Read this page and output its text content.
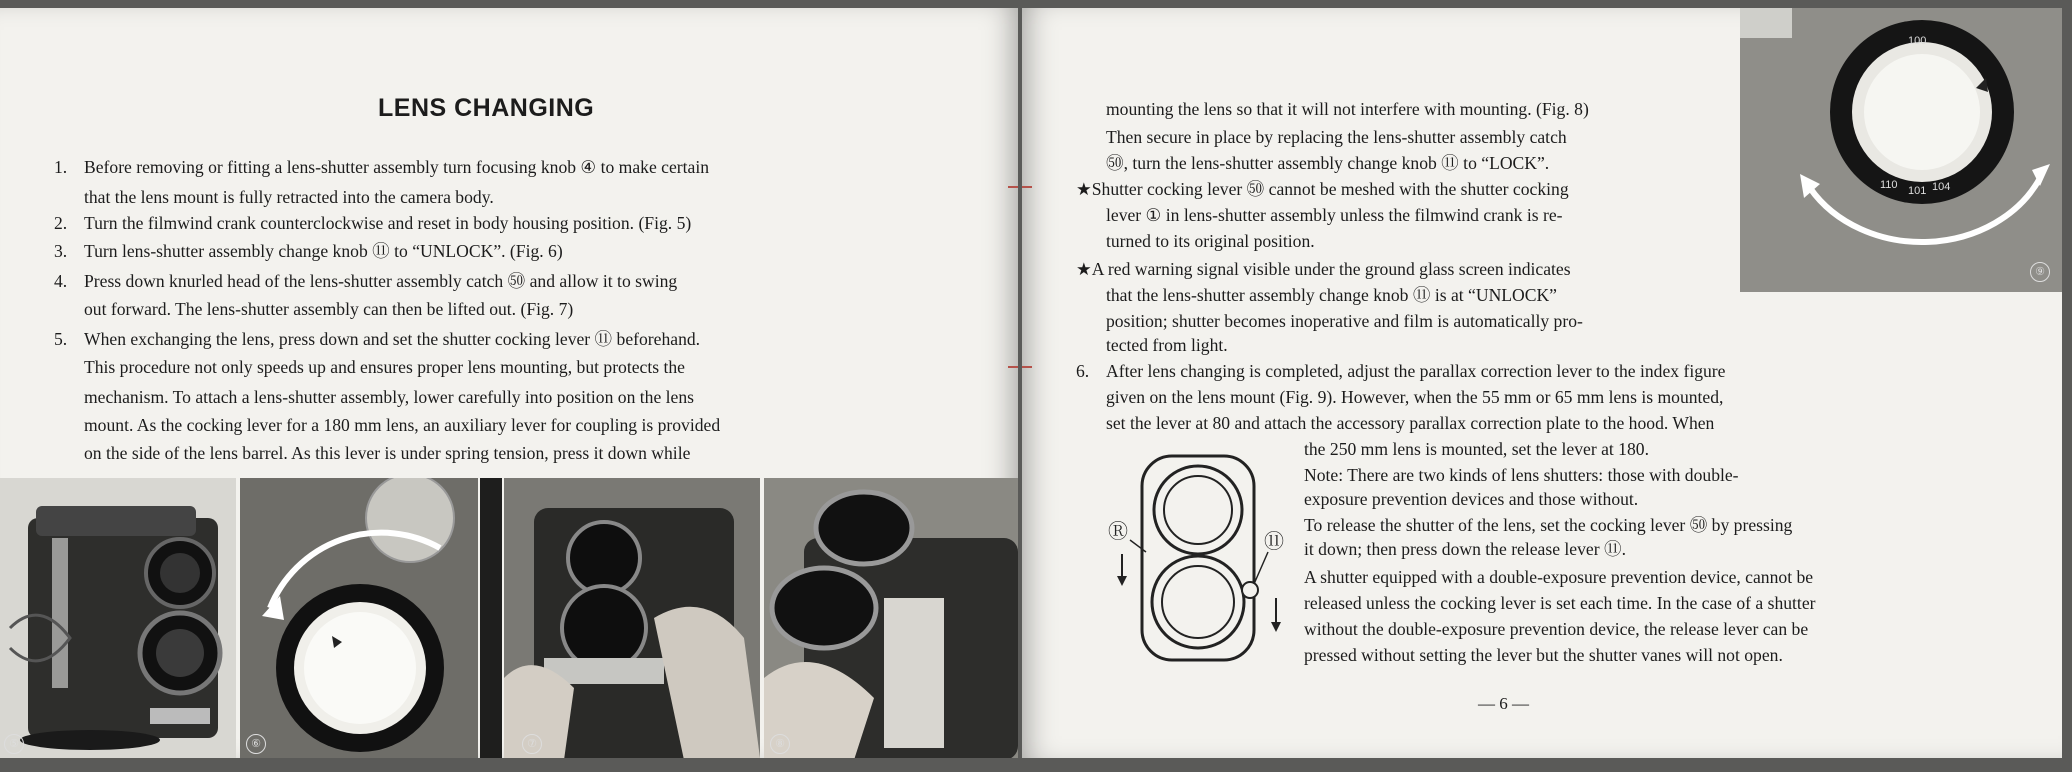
LENS CHANGING
1. Before removing or fitting a lens-shutter assembly turn focusing knob ④ to make certain
that the lens mount is fully retracted into the camera body.
2. Turn the filmwind crank counterclockwise and reset in body housing position. (Fig. 5)
3. Turn lens-shutter assembly change knob ⑪ to “UNLOCK”. (Fig. 6)
4. Press down knurled head of the lens-shutter assembly catch ㊿ and allow it to swing
out forward. The lens-shutter assembly can then be lifted out. (Fig. 7)
5. When exchanging the lens, press down and set the shutter cocking lever ⑪ beforehand.
This procedure not only speeds up and ensures proper lens mounting, but protects the
mechanism. To attach a lens-shutter assembly, lower carefully into position on the lens
mount. As the cocking lever for a 180 mm lens, an auxiliary lever for coupling is provided
on the side of the lens barrel. As this lever is under spring tension, press it down while
⑤	⑥	⑦	⑧
100
101 104
110
⑨
mounting the lens so that it will not interfere with mounting. (Fig. 8)
Then secure in place by replacing the lens-shutter assembly catch
㊿, turn the lens-shutter assembly change knob ⑪ to “LOCK”.
★Shutter cocking lever ㊿ cannot be meshed with the shutter cocking
lever ① in lens-shutter assembly unless the filmwind crank is re-
turned to its original position.
★A red warning signal visible under the ground glass screen indicates
that the lens-shutter assembly change knob ⑪ is at “UNLOCK”
position; shutter becomes inoperative and film is automatically pro-
tected from light.
6. After lens changing is completed, adjust the parallax correction lever to the index figure
given on the lens mount (Fig. 9). However, when the 55 mm or 65 mm lens is mounted,
set the lever at 80 and attach the accessory parallax correction plate to the hood. When
the 250 mm lens is mounted, set the lever at 180.
Note: There are two kinds of lens shutters: those with double-
exposure prevention devices and those without.
To release the shutter of the lens, set the cocking lever ㊿ by pressing
it down; then press down the release lever ⑪.
A shutter equipped with a double-exposure prevention device, cannot be
released unless the cocking lever is set each time. In the case of a shutter
without the double-exposure prevention device, the release lever can be
pressed without setting the lever but the shutter vanes will not open.
Ⓡ	⑪
— 6 —
